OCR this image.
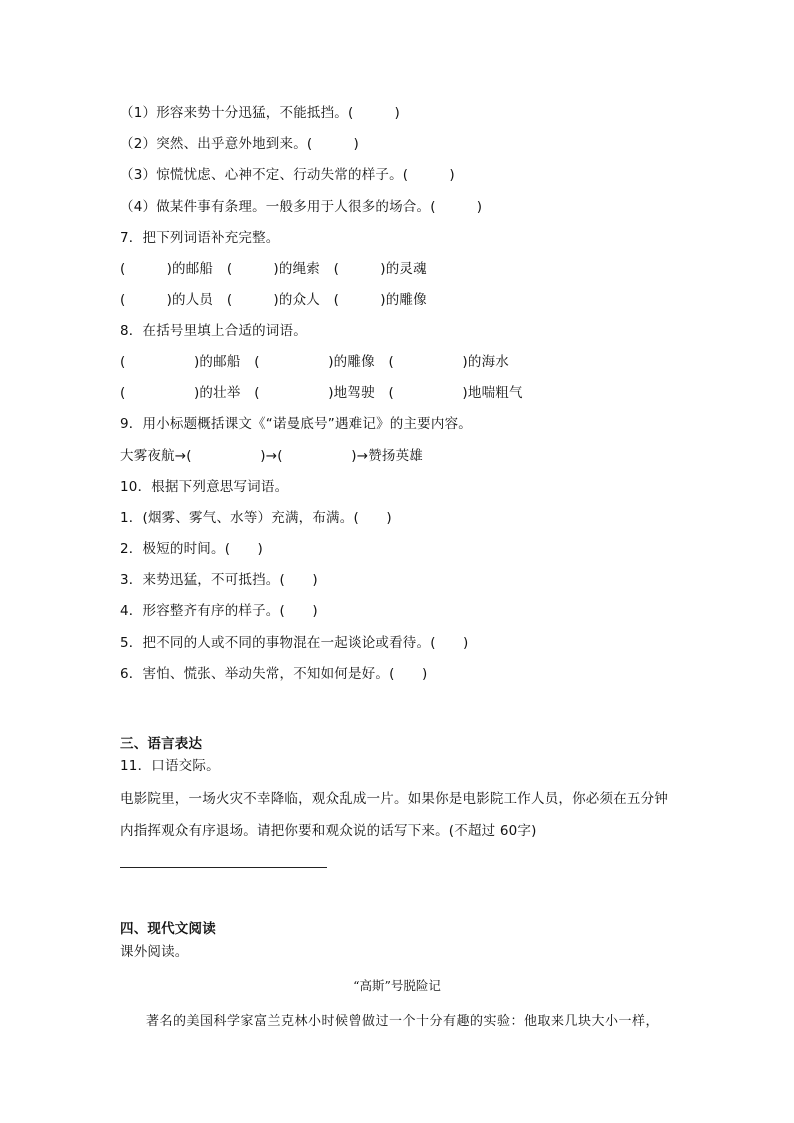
（1）形容来势十分迅猛，不能抵挡。(　　　)
（2）突然、出乎意外地到来。(　　　)
（3）惊慌忧虑、心神不定、行动失常的样子。(　　　)
（4）做某件事有条理。一般多用于人很多的场合。(　　　)
7．把下列词语补充完整。
(　　　)的邮船　(　　　)的绳索　(　　　)的灵魂
(　　　)的人员　(　　　)的众人　(　　　)的雕像
8．在括号里填上合适的词语。
(　　　　　)的邮船　(　　　　　)的雕像　(　　　　　)的海水
(　　　　　)的壮举　(　　　　　)地驾驶　(　　　　　)地喘粗气
9．用小标题概括课文《“诺曼底号”遇难记》的主要内容。
大雾夜航→(　　　　　)→(　　　　　)→赞扬英雄
10．根据下列意思写词语。
1．(烟雾、雾气、水等）充满，布满。(　　)
2．极短的时间。(　　)
3．来势迅猛，不可抵挡。(　　)
4．形容整齐有序的样子。(　　)
5．把不同的人或不同的事物混在一起谈论或看待。(　　)
6．害怕、慌张、举动失常，不知如何是好。(　　)
三、语言表达
11．口语交际。
电影院里，一场火灾不幸降临，观众乱成一片。如果你是电影院工作人员，你必须在五分钟
内指挥观众有序退场。请把你要和观众说的话写下来。(不超过 60字)
四、现代文阅读
课外阅读。
“高斯”号脱险记
著名的美国科学家富兰克林小时候曾做过一个十分有趣的实验：他取来几块大小一样，
